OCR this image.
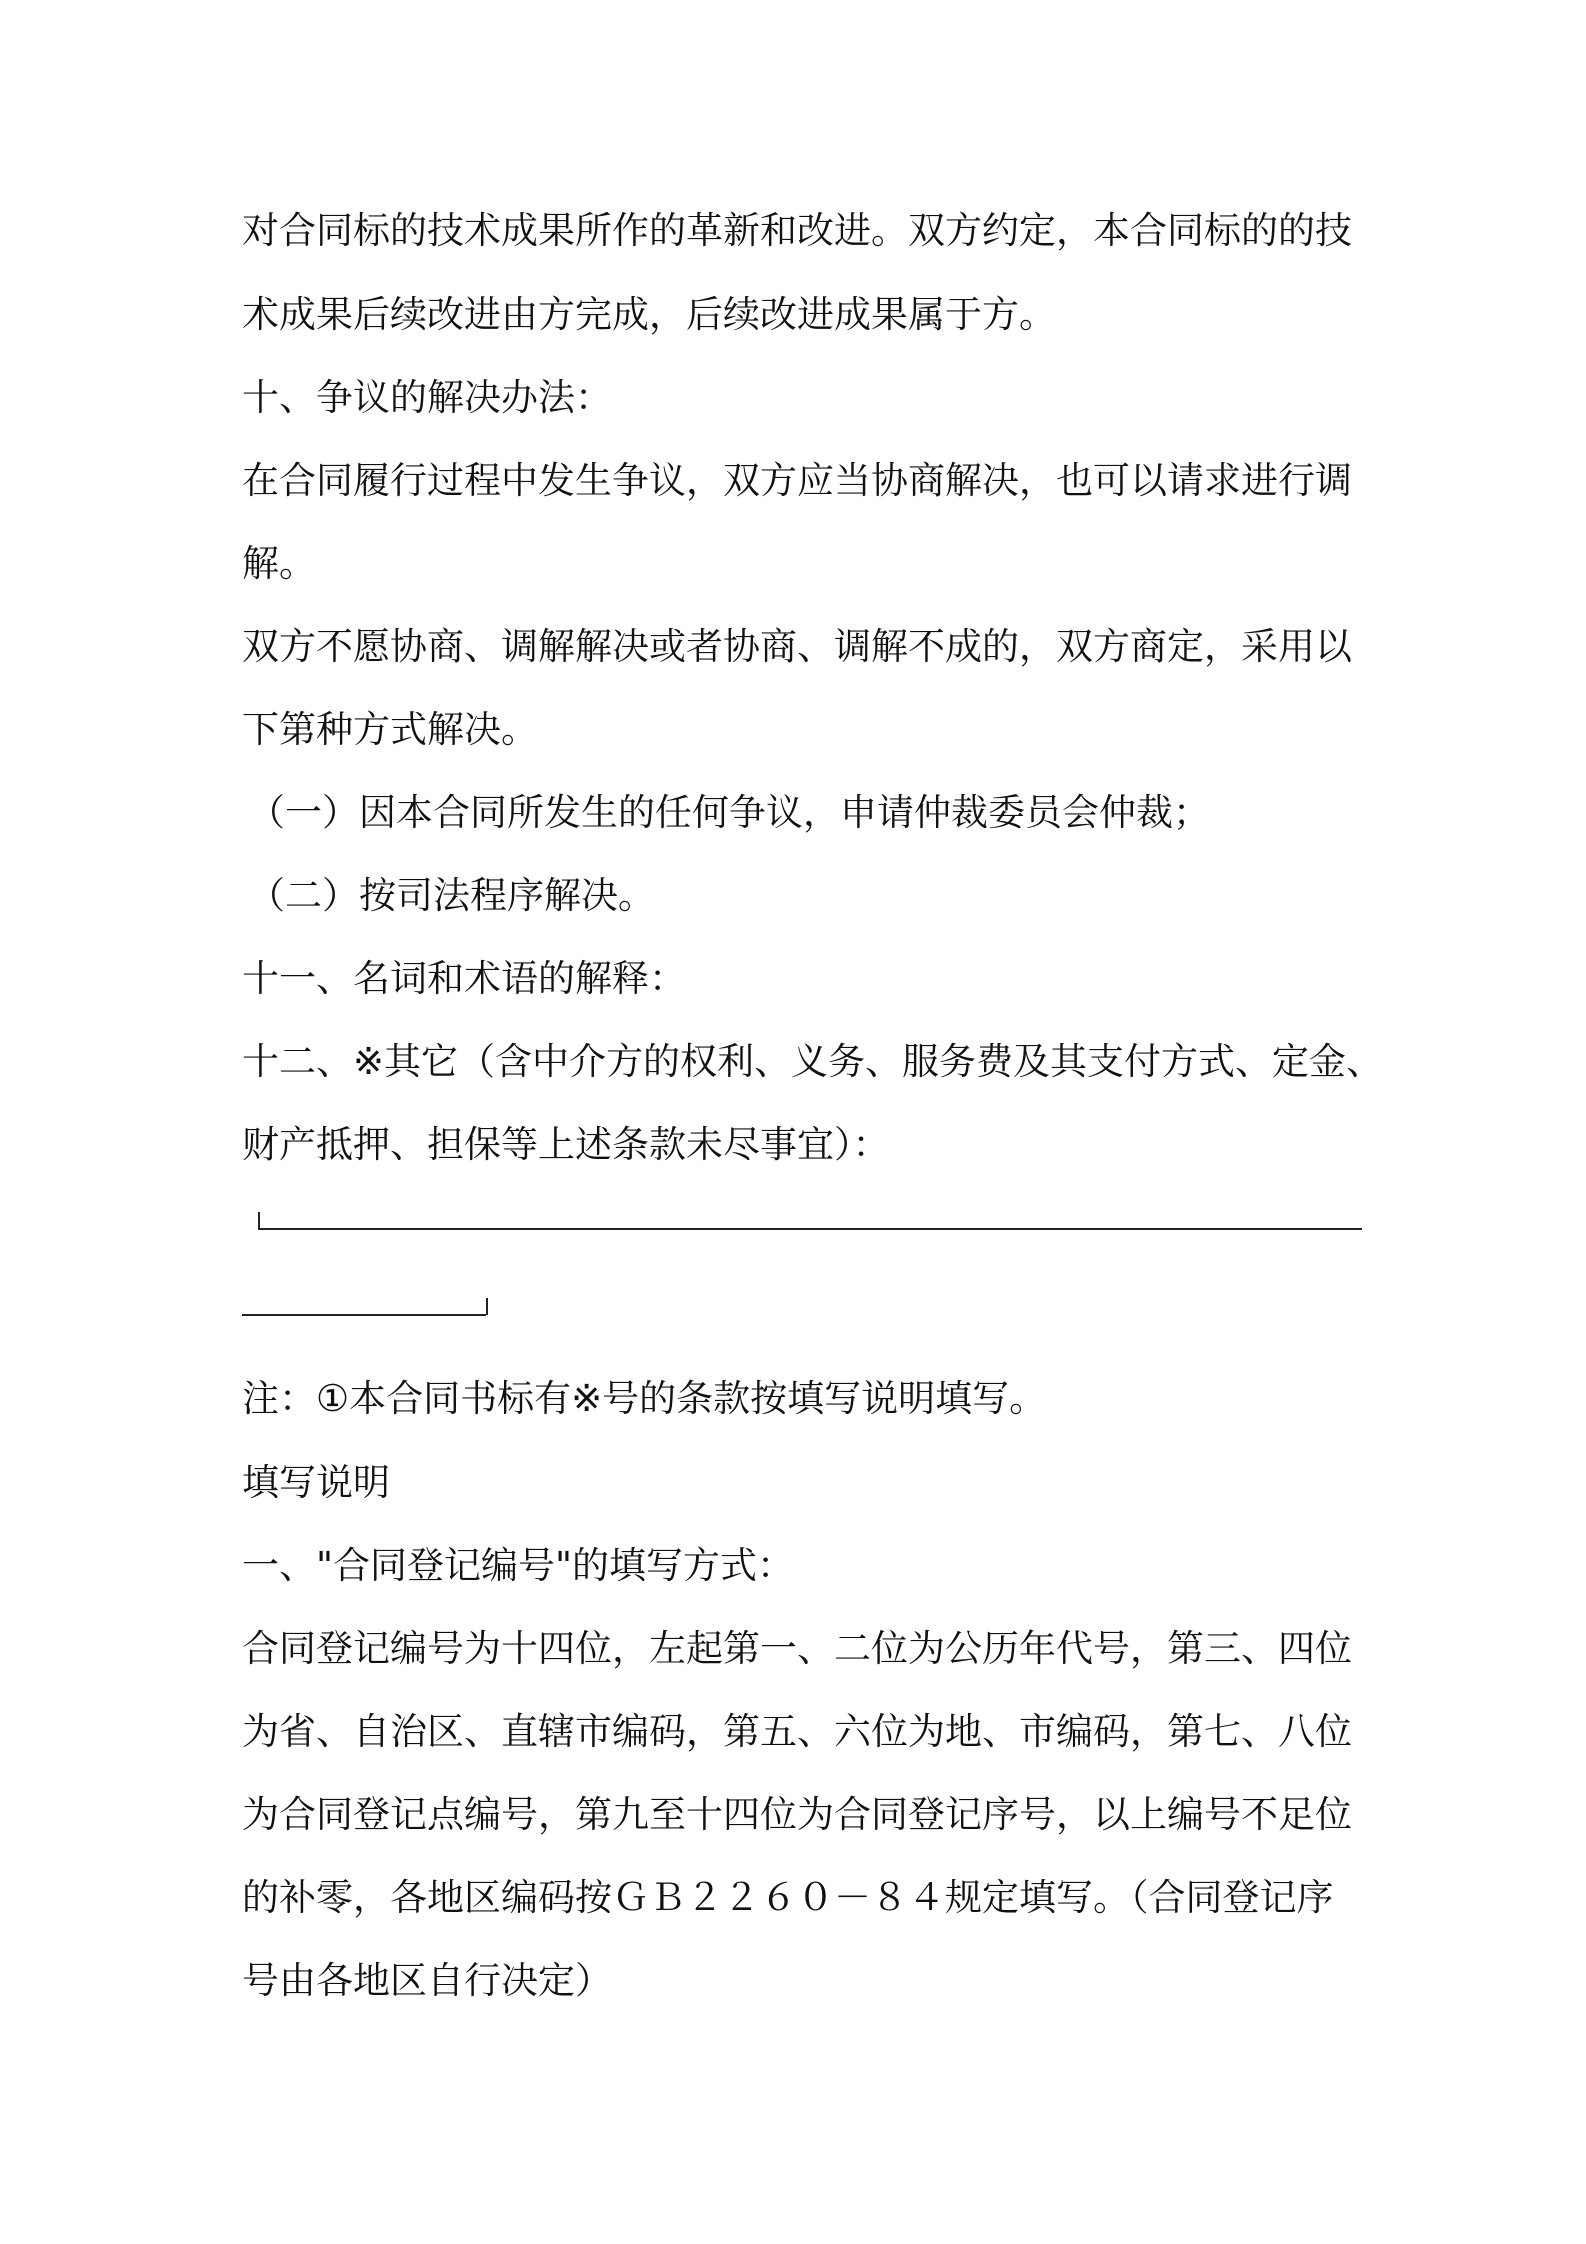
对合同标的技术成果所作的革新和改进。双方约定，本合同标的的技
术成果后续改进由方完成，后续改进成果属于方。
十、争议的解决办法：
在合同履行过程中发生争议，双方应当协商解决，也可以请求进行调
解。
双方不愿协商、调解解决或者协商、调解不成的，双方商定，采用以
下第种方式解决。
（一）因本合同所发生的任何争议，申请仲裁委员会仲裁；
（二）按司法程序解决。
十一、名词和术语的解释：
十二、※其它（含中介方的权利、义务、服务费及其支付方式、定金、
财产抵押、担保等上述条款未尽事宜）：
注：①本合同书标有※号的条款按填写说明填写。
填写说明
一、"合同登记编号"的填写方式：
合同登记编号为十四位，左起第一、二位为公历年代号，第三、四位
为省、自治区、直辖市编码，第五、六位为地、市编码，第七、八位
为合同登记点编号，第九至十四位为合同登记序号，以上编号不足位
的补零，各地区编码按ＧＢ２２６０－８４规定填写。（合同登记序
号由各地区自行决定）
